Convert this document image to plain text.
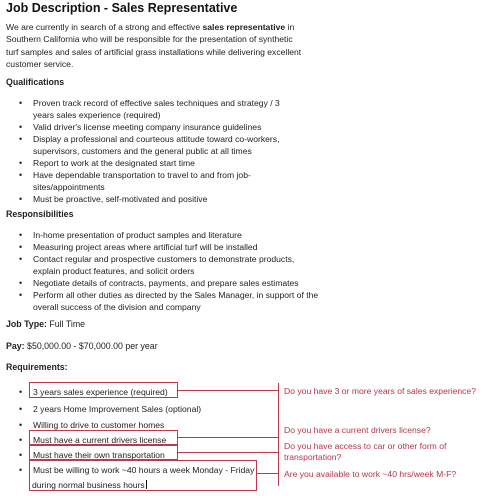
Job Description - Sales Representative
We are currently in search of a strong and effective sales representative in Southern California who will be responsible for the presentation of synthetic turf samples and sales of artificial grass installations while delivering excellent customer service.
Qualifications
• Proven track record of effective sales techniques and strategy / 3 years sales experience (required)
• Valid driver's license meeting company insurance guidelines
• Display a professional and courteous attitude toward co-workers, supervisors, customers and the general public at all times
• Report to work at the designated start time
• Have dependable transportation to travel to and from job-sites/appointments
• Must be proactive, self-motivated and positive
Responsibilities
• In-home presentation of product samples and literature
• Measuring project areas where artificial turf will be installed
• Contact regular and prospective customers to demonstrate products, explain product features, and solicit orders
• Negotiate details of contracts, payments, and prepare sales estimates
• Perform all other duties as directed by the Sales Manager, in support of the overall success of the division and company
Job Type: Full Time
Pay: $50,000.00 - $70,000.00 per year
Requirements:
• 3 years sales experience (required)
• 2 years Home Improvement Sales (optional)
• Willing to drive to customer homes
• Must have a current drivers license
• Must have their own transportation
• Must be willing to work ~40 hours a week Monday - Friday
during normal business hours
Do you have 3 or more years of sales experience?
Do you have a current drivers license?
Do you have access to car or other form of
transportation?
Are you available to work ~40 hrs/week M-F?
